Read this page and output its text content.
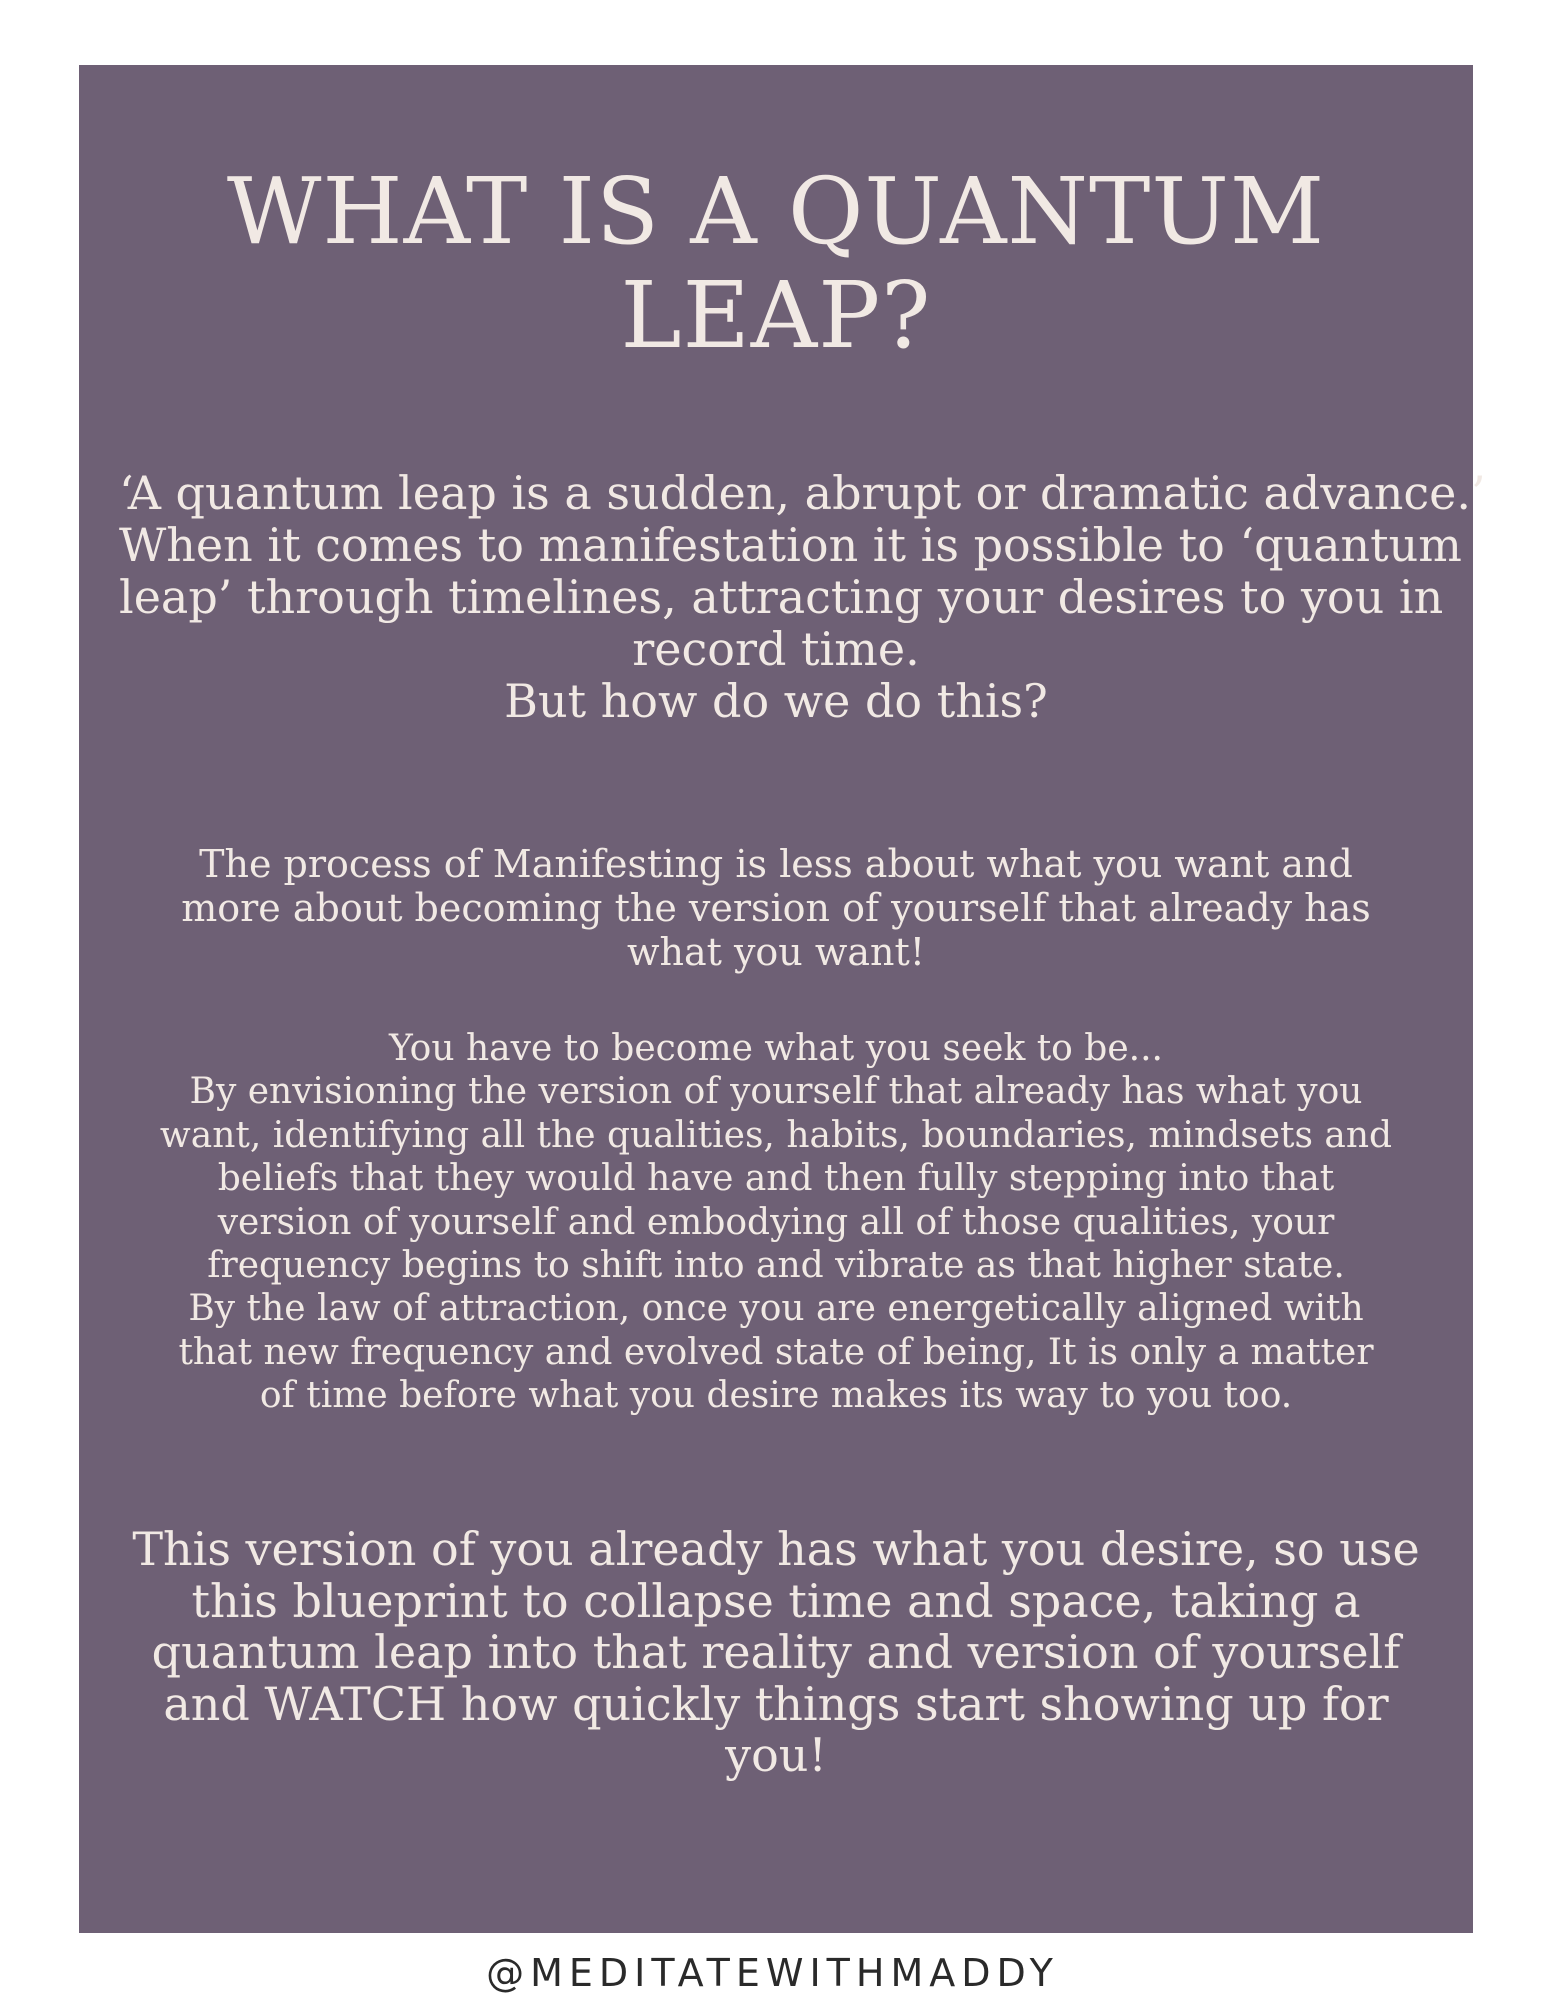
WHAT IS A QUANTUM
LEAP?

‘A quantum leap is a sudden, abrupt or dramatic advance.’
When it comes to manifestation it is possible to ‘quantum
leap’ through timelines, attracting your desires to you in
record time.
But how do we do this?

The process of Manifesting is less about what you want and
more about becoming the version of yourself that already has
what you want!

You have to become what you seek to be...
By envisioning the version of yourself that already has what you
want, identifying all the qualities, habits, boundaries, mindsets and
beliefs that they would have and then fully stepping into that
version of yourself and embodying all of those qualities, your
frequency begins to shift into and vibrate as that higher state.
By the law of attraction, once you are energetically aligned with
that new frequency and evolved state of being, It is only a matter
of time before what you desire makes its way to you too.

This version of you already has what you desire, so use
this blueprint to collapse time and space, taking a
quantum leap into that reality and version of yourself
and WATCH how quickly things start showing up for
you!

@MEDITATEWITHMADDY
